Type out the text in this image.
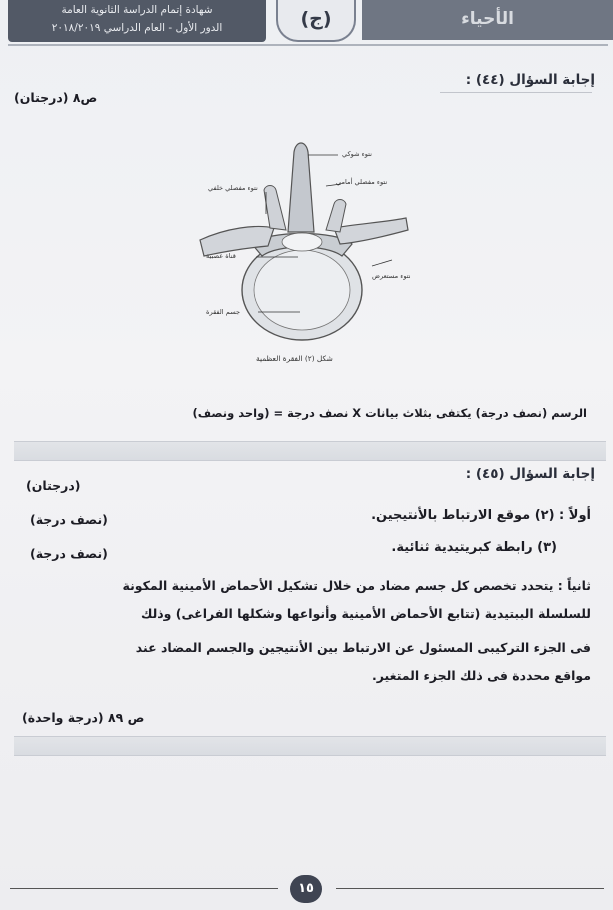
شهادة إتمام الدراسة الثانوية العامة
الدور الأول - العام الدراسي ٢٠١٨/٢٠١٩	(ج)	الأحياء
إجابة السؤال (٤٤) :
ص٨ (درجتان)
نتوء شوكي
نتوء مفصلي أمامي
نتوء مفصلي خلفي
قناة عصبية
نتوء مستعرض
جسم الفقرة
شكل (٢) الفقرة العظمية
الرسم (نصف درجة) يكتفى بثلاث بيانات X نصف درجة = (واحد ونصف)
إجابة السؤال (٤٥) :
(درجتان)
أولاً : (٢) موقع الارتباط بالأنتيجين.
(نصف درجة)
(٣) رابطة كبريتيدية ثنائية.
(نصف درجة)
ثانياً : يتحدد تخصص كل جسم مضاد من خلال تشكيل الأحماض الأمينية المكونة
للسلسلة الببتيدية (تتابع الأحماض الأمينية وأنواعها وشكلها الفراغى) وذلك
فى الجزء التركيبى المسئول عن الارتباط بين الأنتيجين والجسم المضاد عند
مواقع محددة فى ذلك الجزء المتغير.
ص ٨٩ (درجة واحدة)
١٥
